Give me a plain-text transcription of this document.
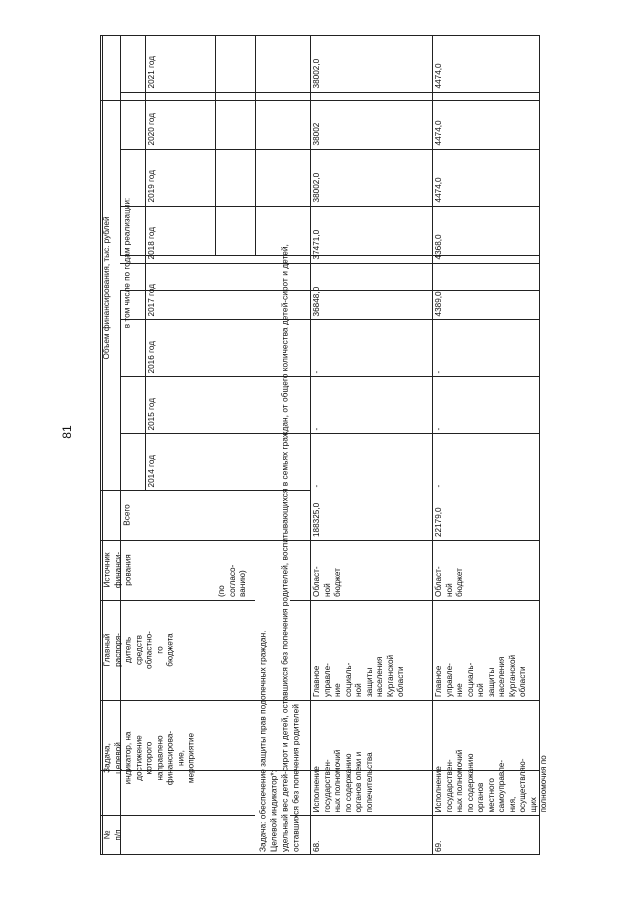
81
№
п/п
Задача,
целевой
индикатор, на
достижение
которого
направлено
финансирова-
ние,
мероприятие
Главный
распоря-
дитель
средств
областно-
го
бюджета
Источник
финанси-
рования
Объем финансирования, тыс. рублей
Всего
в том числе по годам реализации:
2014 год
2015 год
2016 год
2017 год
2018 год
2019 год
2020 год
2021 год
(по
согласо-
ванию)
Задача: обеспечение защиты прав подопечных граждан.
Целевой индикатор*:
удельный вес детей-сирот и детей, оставшихся без попечения родителей, воспитывающихся в семьях граждан, от общего количества детей-сирот и детей,
оставшихся без попечения родителей
68.
Исполнение
государствен-
ных полномочий
по содержанию
органов опеки и
попечительства
Главное
управле-
ние
социаль-
ной
защиты
населения
Курганской
области
Област-
ной
бюджет
188325,0
-
-
-
36848,0
37471,0
38002,0
38002
38002,0
69.
Исполнение
государствен-
ных полномочий
по содержанию
органов
местного
самоуправле-
ния,
осуществляю-
щих
полномочия по
Главное
управле-
ние
социаль-
ной
защиты
населения
Курганской
области
Област-
ной
бюджет
22179,0
-
-
-
4389,0
4368,0
4474,0
4474,0
4474,0
